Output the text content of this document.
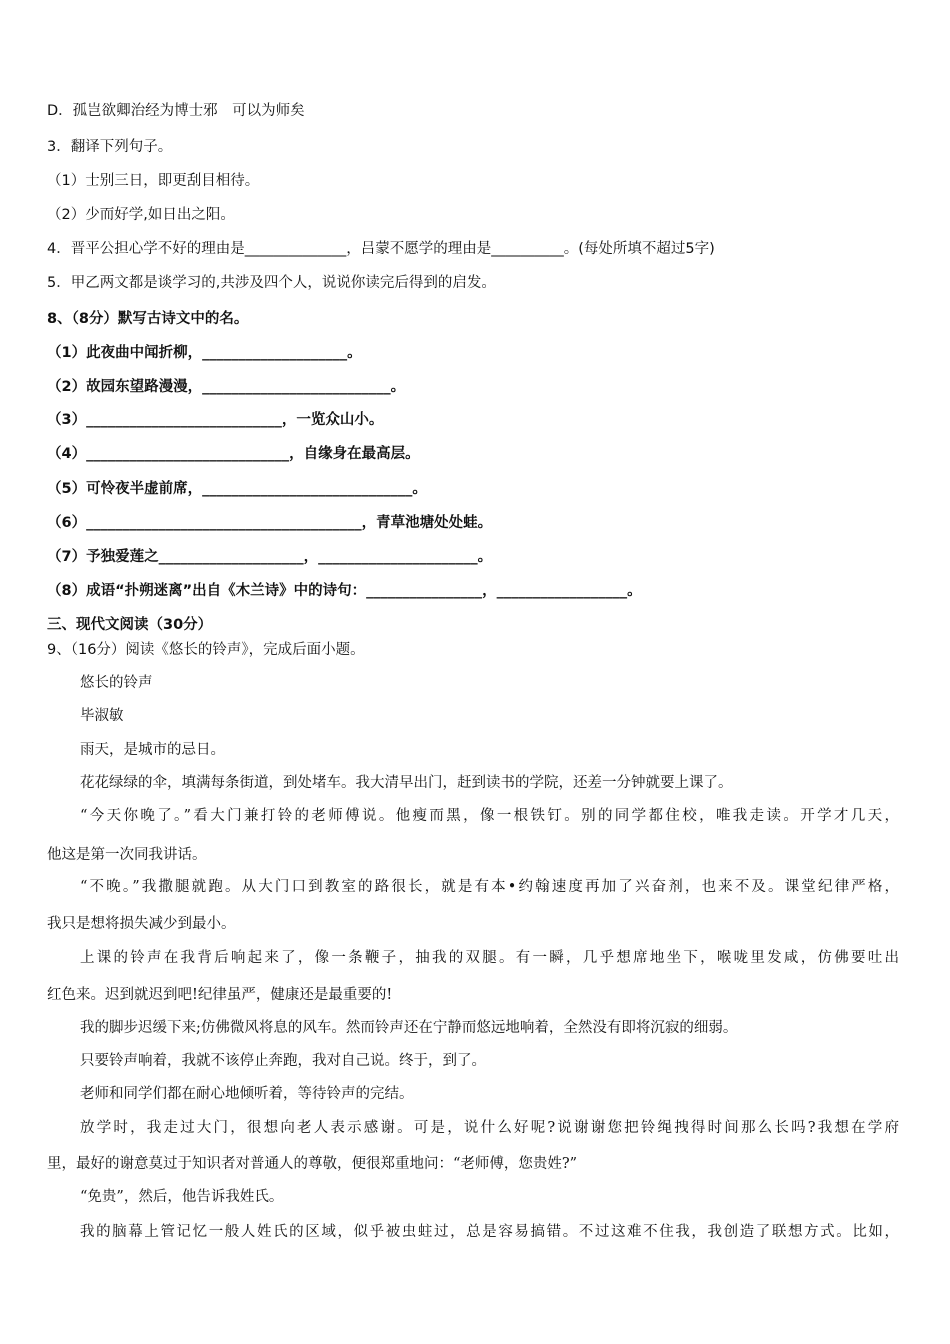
D．孤岂欲卿治经为博士邪　可以为师矣
3．翻译下列句子。
（1）士别三日，即更刮目相待。
（2）少而好学,如日出之阳。
4．晋平公担心学不好的理由是______________，吕蒙不愿学的理由是__________。(每处所填不超过5字)
5．甲乙两文都是谈学习的,共涉及四个人，说说你读完后得到的启发。
8、（8分）默写古诗文中的名。
（1）此夜曲中闻折柳，____________________。
（2）故园东望路漫漫，__________________________。
（3）___________________________，一览众山小。
（4）____________________________，自缘身在最高层。
（5）可怜夜半虚前席，_____________________________。
（6）______________________________________，青草池塘处处蛙。
（7）予独爱莲之____________________，______________________。
（8）成语“扑朔迷离”出自《木兰诗》中的诗句：________________，__________________。
三、现代文阅读（30分）
9、（16分）阅读《悠长的铃声》，完成后面小题。
悠长的铃声
毕淑敏
雨天，是城市的忌日。
花花绿绿的伞，填满每条街道，到处堵车。我大清早出门，赶到读书的学院，还差一分钟就要上课了。
“今天你晚了。”看大门兼打铃的老师傅说。他瘦而黑，像一根铁钉。别的同学都住校，唯我走读。开学才几天，
他这是第一次同我讲话。
“不晚。”我撒腿就跑。从大门口到教室的路很长，就是有本•约翰速度再加了兴奋剂，也来不及。课堂纪律严格，
我只是想将损失减少到最小。
上课的铃声在我背后响起来了，像一条鞭子，抽我的双腿。有一瞬，几乎想席地坐下，喉咙里发咸，仿佛要吐出
红色来。迟到就迟到吧!纪律虽严，健康还是最重要的!
我的脚步迟缓下来;仿佛微风将息的风车。然而铃声还在宁静而悠远地响着，全然没有即将沉寂的细弱。
只要铃声响着，我就不该停止奔跑，我对自己说。终于，到了。
老师和同学们都在耐心地倾听着，等待铃声的完结。
放学时，我走过大门，很想向老人表示感谢。可是，说什么好呢?说谢谢您把铃绳拽得时间那么长吗?我想在学府
里，最好的谢意莫过于知识者对普通人的尊敬，便很郑重地问：“老师傅，您贵姓?”
“免贵”，然后，他告诉我姓氏。
我的脑幕上管记忆一般人姓氏的区域，似乎被虫蛀过，总是容易搞错。不过这难不住我，我创造了联想方式。比如，
